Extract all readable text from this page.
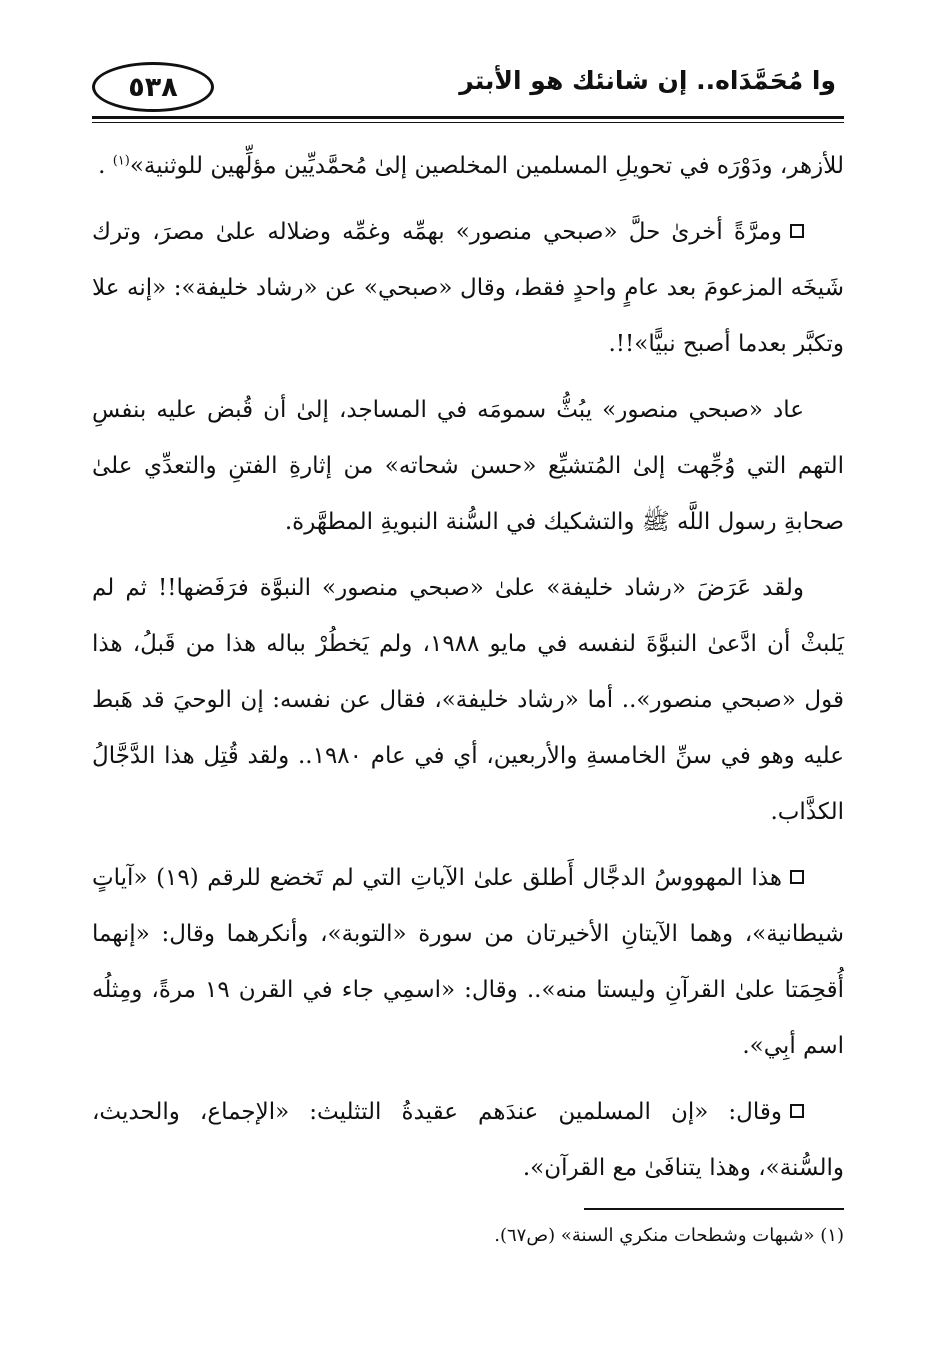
٥٣٨	وا مُحَمَّدَاه.. إن شانئك هو الأبتر

للأزهر، ودَوْرَه في تحويلِ المسلمين المخلصين إلىٰ مُحمَّديِّين مؤلِّهين للوثنية»$^{(١)}$ .

ومرَّةً أخرىٰ حلَّ «صبحي منصور» بهمِّه وغمِّه وضلاله علىٰ مصرَ، وترك شَيخَه المزعومَ بعد عامٍ واحدٍ فقط، وقال «صبحي» عن «رشاد خليفة»: «إنه علا وتكبَّر بعدما أصبح نبيًّا»!!.

عاد «صبحي منصور» يبُثُّ سمومَه في المساجد، إلىٰ أن قُبض عليه بنفسِ التهم التي وُجِّهت إلىٰ المُتشيِّع «حسن شحاته» من إثارةِ الفتنِ والتعدِّي علىٰ صحابةِ رسول اللَّه ﷺ والتشكيك في السُّنة النبويةِ المطهَّرة.

ولقد عَرَضَ «رشاد خليفة» علىٰ «صبحي منصور» النبوَّة فرَفَضها!! ثم لم يَلبثْ أن ادَّعىٰ النبوَّةَ لنفسه في مايو ١٩٨٨، ولم يَخطُرْ بباله هذا من قَبلُ، هذا قول «صبحي منصور».. أما «رشاد خليفة»، فقال عن نفسه: إن الوحيَ قد هَبط عليه وهو في سنِّ الخامسةِ والأربعين، أي في عام ١٩٨٠.. ولقد قُتِل هذا الدَّجَّالُ الكذَّاب.

هذا المهووسُ الدجَّال أَطلق علىٰ الآياتِ التي لم تَخضع للرقم (١٩) «آياتٍ شيطانية»، وهما الآيتانِ الأخيرتان من سورة «التوبة»، وأنكرهما وقال: «إنهما أُقحِمَتا علىٰ القرآنِ وليستا منه».. وقال: «اسمِي جاء في القرن ١٩ مرةً، ومِثلُه اسم أبِي».

وقال: «إن المسلمين عندَهم عقيدةُ التثليث: «الإجماع، والحديث، والسُّنة»، وهذا يتنافَىٰ مع القرآن».

(١) «شبهات وشطحات منكري السنة» (ص٦٧).
